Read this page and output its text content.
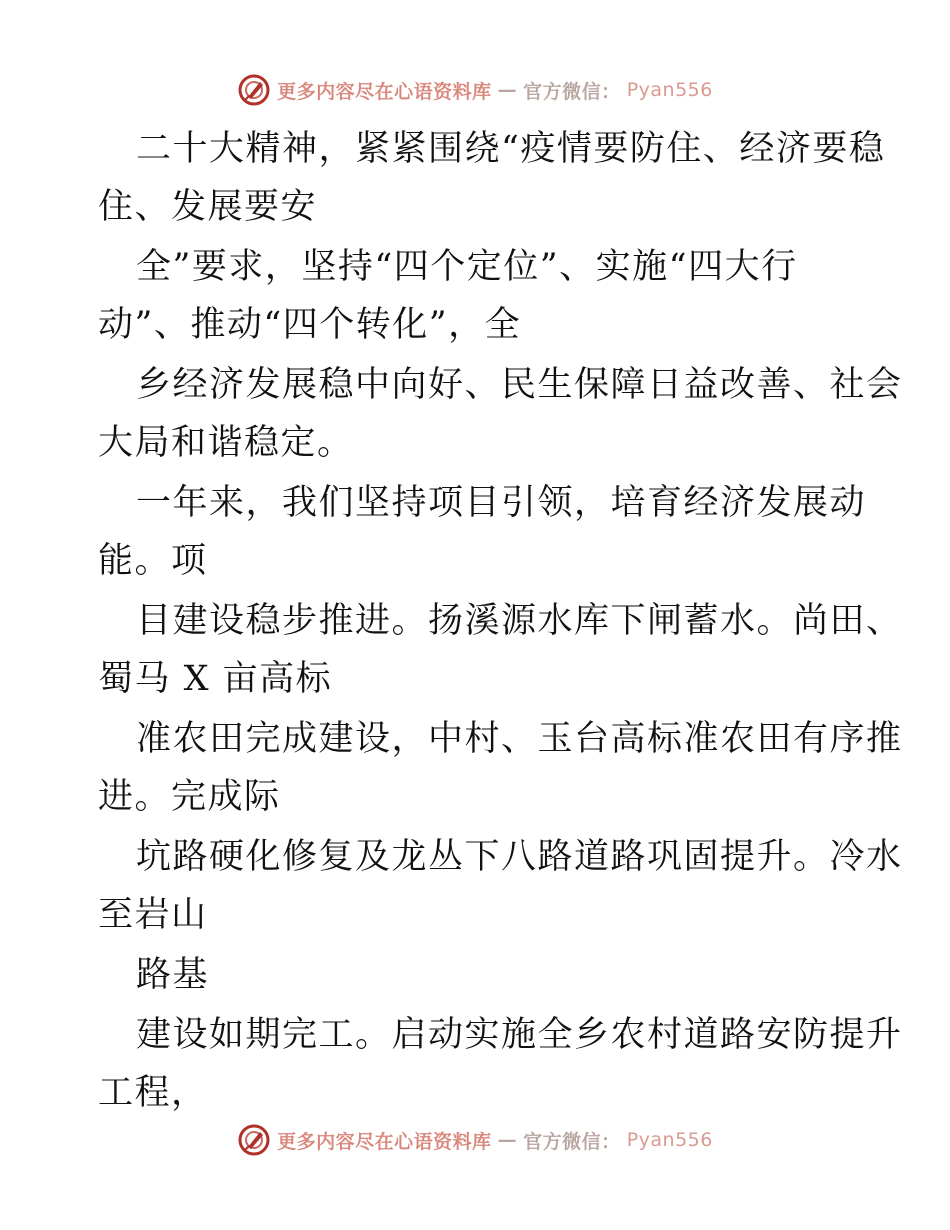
更多内容尽在心语资料库 — 官方微信： Pyan556
二十大精神，紧紧围绕“疫情要防住、经济要稳
住、发展要安
全”要求，坚持“四个定位”、实施“四大行
动”、推动“四个转化”，全
乡经济发展稳中向好、民生保障日益改善、社会
大局和谐稳定。
一年来，我们坚持项目引领，培育经济发展动
能。项
目建设稳步推进。扬溪源水库下闸蓄水。尚田、
蜀马 X 亩高标
准农田完成建设，中村、玉台高标准农田有序推
进。完成际
坑路硬化修复及龙丛下八路道路巩固提升。冷水
至岩山
路基
建设如期完工。启动实施全乡农村道路安防提升
工程，
更多内容尽在心语资料库 — 官方微信： Pyan556
